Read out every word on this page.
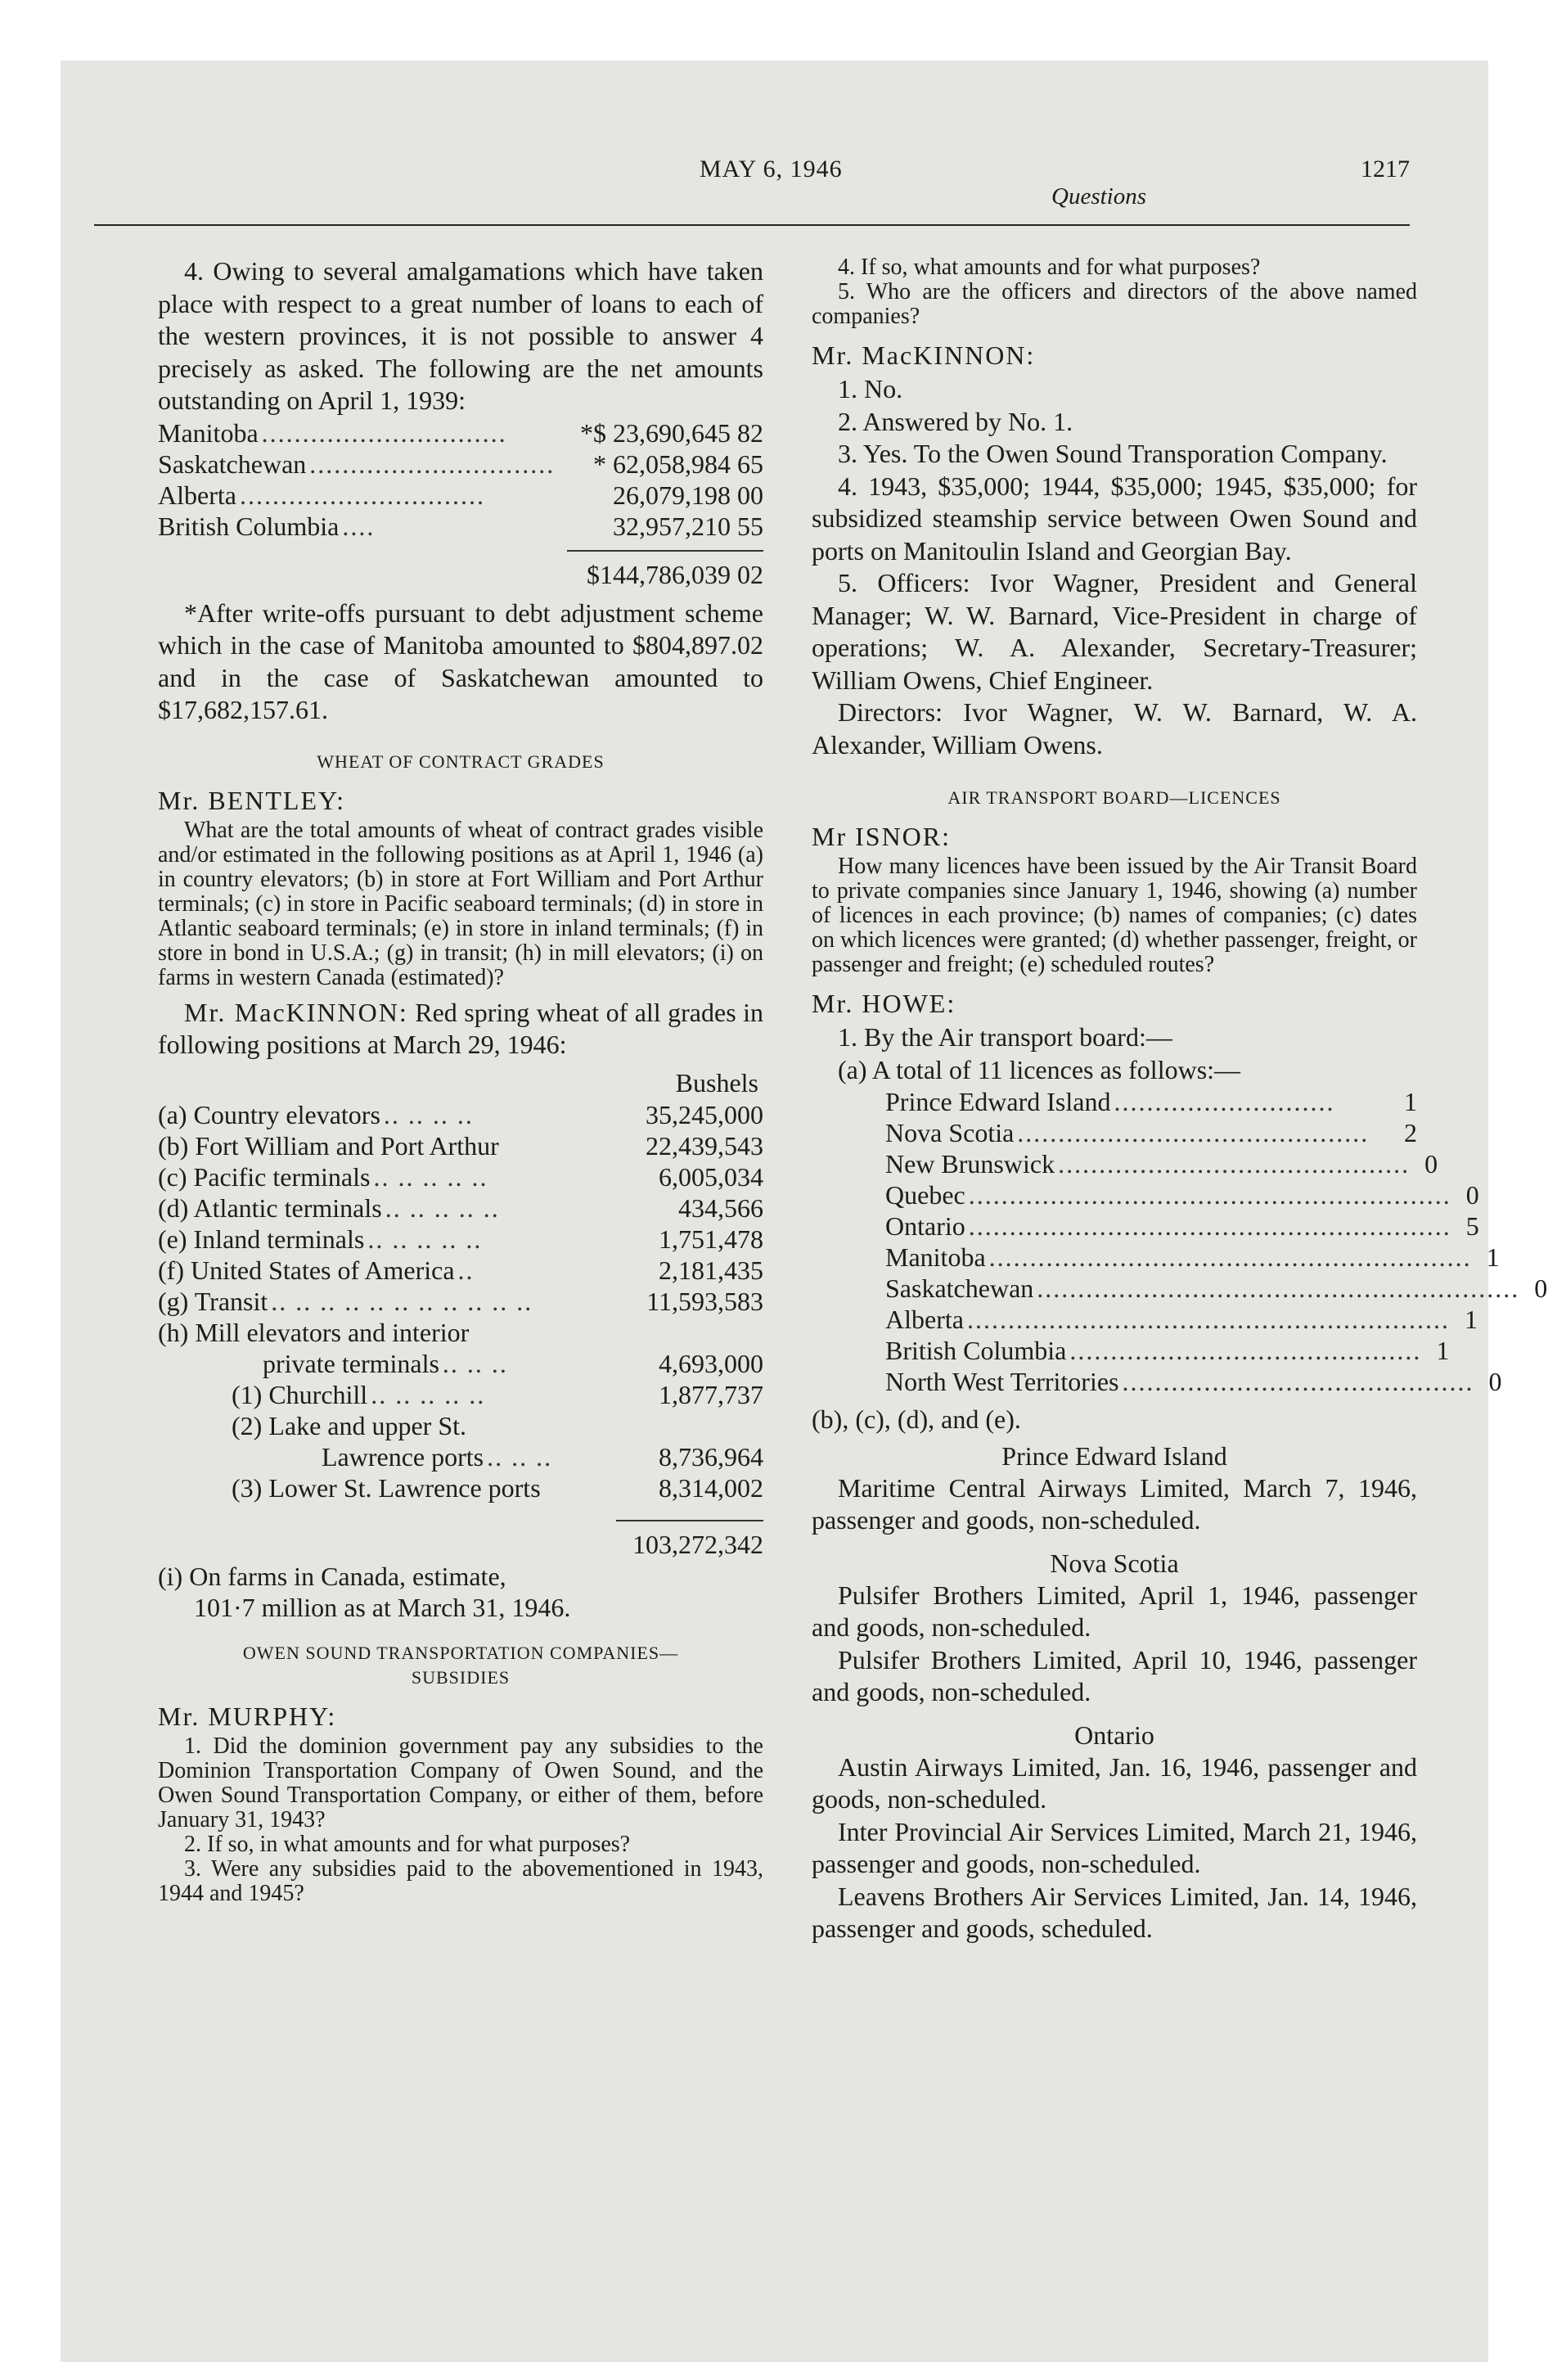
MAY 6, 1946
Questions
1217

4. Owing to several amalgamations which have taken place with respect to a great number of loans to each of the western provinces, it is not possible to answer 4 precisely as asked. The following are the net amounts outstanding on April 1, 1939:

Manitoba ..............................	*$ 23,690,645 82
Saskatchewan ..............................	* 62,058,984 65
Alberta ..............................	26,079,198 00
British Columbia ....	32,957,210 55
$144,786,039 02

*After write-offs pursuant to debt adjustment scheme which in the case of Manitoba amounted to $804,897.02 and in the case of Saskatchewan amounted to $17,682,157.61.

WHEAT OF CONTRACT GRADES
Mr. BENTLEY:

What are the total amounts of wheat of contract grades visible and/or estimated in the following positions as at April 1, 1946 (a) in country elevators; (b) in store at Fort William and Port Arthur terminals; (c) in store in Pacific seaboard terminals; (d) in store in Atlantic seaboard terminals; (e) in store in inland terminals; (f) in store in bond in U.S.A.; (g) in transit; (h) in mill elevators; (i) on farms in western Canada (estimated)?

Mr. MacKINNON: Red spring wheat of all grades in following positions at March 29, 1946:

Bushels
(a) Country elevators .. .. .. ..	35,245,000
(b) Fort William and Port Arthur	22,439,543
(c) Pacific terminals .. .. .. .. ..	6,005,034
(d) Atlantic terminals .. .. .. .. ..	434,566
(e) Inland terminals .. .. .. .. ..	1,751,478
(f) United States of America ..	2,181,435
(g) Transit .. .. .. .. .. .. .. .. .. .. ..	11,593,583
(h) Mill elevators and interior
private terminals .. .. ..	4,693,000
(1) Churchill .. .. .. .. ..	1,877,737
(2) Lake and upper St.
Lawrence ports .. .. ..	8,736,964
(3) Lower St. Lawrence ports	8,314,002
103,272,342
(i) On farms in Canada, estimate,
101·7 million as at March 31, 1946.
OWEN SOUND TRANSPORTATION COMPANIES—
SUBSIDIES
Mr. MURPHY:

1. Did the dominion government pay any subsidies to the Dominion Transportation Company of Owen Sound, and the Owen Sound Transportation Company, or either of them, before January 31, 1943?

2. If so, in what amounts and for what purposes?

3. Were any subsidies paid to the abovementioned in 1943, 1944 and 1945?

4. If so, what amounts and for what purposes?

5. Who are the officers and directors of the above named companies?

Mr. MacKINNON:

1. No.

2. Answered by No. 1.

3. Yes. To the Owen Sound Transporation Company.

4. 1943, $35,000; 1944, $35,000; 1945, $35,000; for subsidized steamship service between Owen Sound and ports on Manitoulin Island and Georgian Bay.

5. Officers: Ivor Wagner, President and General Manager; W. W. Barnard, Vice-President in charge of operations; W. A. Alexander, Secretary-Treasurer; William Owens, Chief Engineer.

Directors: Ivor Wagner, W. W. Barnard, W. A. Alexander, William Owens.

AIR TRANSPORT BOARD—LICENCES
Mr ISNOR:

How many licences have been issued by the Air Transit Board to private companies since January 1, 1946, showing (a) number of licences in each province; (b) names of companies; (c) dates on which licences were granted; (d) whether passenger, freight, or passenger and freight; (e) scheduled routes?

Mr. HOWE:

1. By the Air transport board:—

(a) A total of 11 licences as follows:—

Prince Edward Island ...........................	1
Nova Scotia ...........................................	2
New Brunswick ........................................... 0
Quebec ........................................................... 0
Ontario ........................................................... 5
Manitoba ........................................................... 1
Saskatchewan ........................................................... 0
Alberta ........................................................... 1
British Columbia ........................................... 1
North West Territories ........................................... 0

(b), (c), (d), and (e).

Prince Edward Island

Maritime Central Airways Limited, March 7, 1946, passenger and goods, non-scheduled.

Nova Scotia

Pulsifer Brothers Limited, April 1, 1946, passenger and goods, non-scheduled.

Pulsifer Brothers Limited, April 10, 1946, passenger and goods, non-scheduled.

Ontario

Austin Airways Limited, Jan. 16, 1946, passenger and goods, non-scheduled.

Inter Provincial Air Services Limited, March 21, 1946, passenger and goods, non-scheduled.

Leavens Brothers Air Services Limited, Jan. 14, 1946, passenger and goods, scheduled.
